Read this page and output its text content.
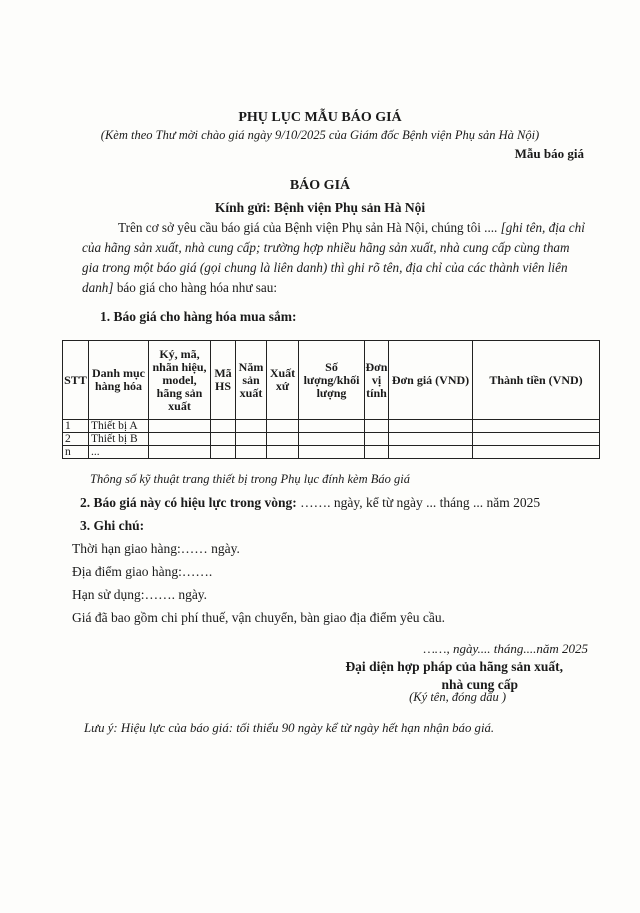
PHỤ LỤC MẪU BÁO GIÁ
(Kèm theo Thư mời chào giá ngày 9/10/2025 của Giám đốc Bệnh viện Phụ sản Hà Nội)
Mẫu báo giá
BÁO GIÁ
Kính gửi: Bệnh viện Phụ sản Hà Nội

Trên cơ sở yêu cầu báo giá của Bệnh viện Phụ sản Hà Nội, chúng tôi .... [ghi tên, địa chỉ của hãng sản xuất, nhà cung cấp; trường hợp nhiều hãng sản xuất, nhà cung cấp cùng tham gia trong một báo giá (gọi chung là liên danh) thì ghi rõ tên, địa chỉ của các thành viên liên danh] báo giá cho hàng hóa như sau:

1. Báo giá cho hàng hóa mua sắm:
STT	Danh mục hàng hóa	Ký, mã, nhãn hiệu, model, hãng sản xuất	Mã HS	Năm sản xuất	Xuất xứ	Số lượng/khối lượng	Đơn vị tính	Đơn giá (VND)	Thành tiền (VND)
1	Thiết bị A								
2	Thiết bị B								
n	...								
Thông số kỹ thuật trang thiết bị trong Phụ lục đính kèm Báo giá
2. Báo giá này có hiệu lực trong vòng: ……. ngày, kể từ ngày ... tháng ... năm 2025
3. Ghi chú:
Thời hạn giao hàng:…… ngày.
Địa điểm giao hàng:…….
Hạn sử dụng:……. ngày.
Giá đã bao gồm chi phí thuế, vận chuyển, bàn giao địa điểm yêu cầu.
……, ngày.... tháng....năm 2025
Đại diện hợp pháp của hãng sản xuất,
nhà cung cấp
(Ký tên, đóng dấu )
Lưu ý: Hiệu lực của báo giá: tối thiểu 90 ngày kể từ ngày hết hạn nhận báo giá.
